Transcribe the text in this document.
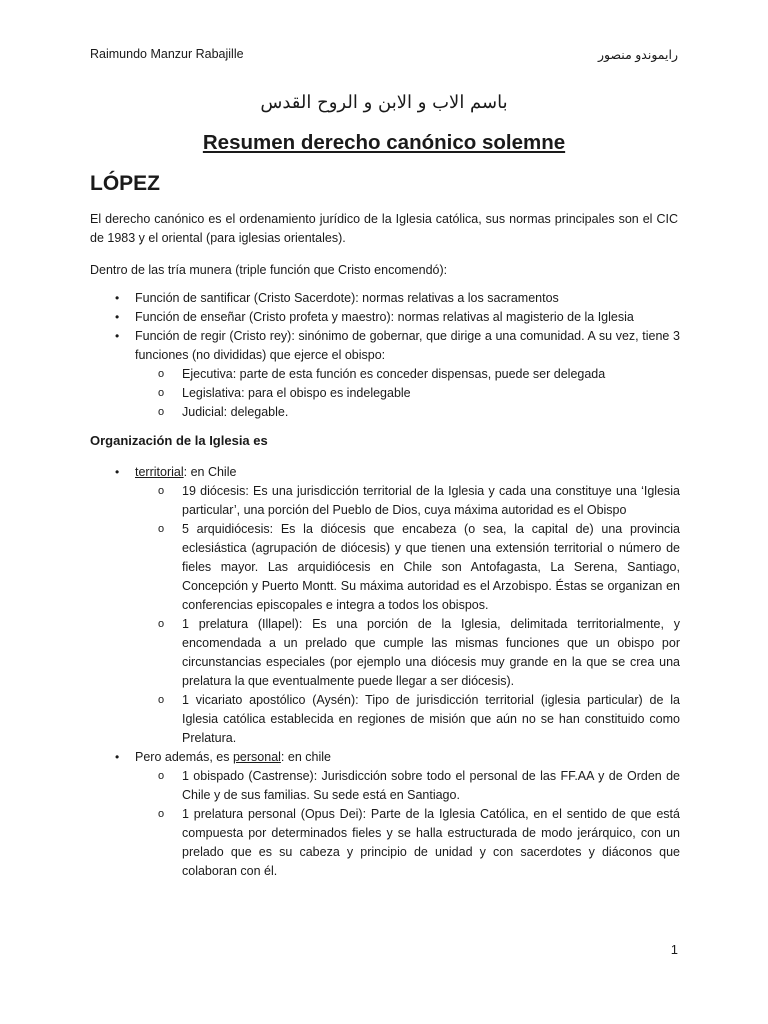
Raimundo Manzur Rabajille	رايموندو منصور
باسم الاب و الابن و الروح القدس
Resumen derecho canónico solemne
LÓPEZ
El derecho canónico es el ordenamiento jurídico de la Iglesia católica, sus normas principales son el CIC de 1983 y el oriental (para iglesias orientales).
Dentro de las tría munera (triple función que Cristo encomendó):
• Función de santificar (Cristo Sacerdote): normas relativas a los sacramentos
• Función de enseñar (Cristo profeta y maestro): normas relativas al magisterio de la Iglesia
• Función de regir (Cristo rey): sinónimo de gobernar, que dirige a una comunidad. A su vez, tiene 3 funciones (no divididas) que ejerce el obispo:
o Ejecutiva: parte de esta función es conceder dispensas, puede ser delegada
o Legislativa: para el obispo es indelegable
o Judicial: delegable.
Organización de la Iglesia es
• territorial: en Chile
o 19 diócesis: Es una jurisdicción territorial de la Iglesia y cada una constituye una ‘Iglesia particular’, una porción del Pueblo de Dios, cuya máxima autoridad es el Obispo
o 5 arquidiócesis: Es la diócesis que encabeza (o sea, la capital de) una provincia eclesiástica (agrupación de diócesis) y que tienen una extensión territorial o número de fieles mayor. Las arquidiócesis en Chile son Antofagasta, La Serena, Santiago, Concepción y Puerto Montt. Su máxima autoridad es el Arzobispo. Éstas se organizan en conferencias episcopales e integra a todos los obispos.
o 1 prelatura (Illapel): Es una porción de la Iglesia, delimitada territorialmente, y encomendada a un prelado que cumple las mismas funciones que un obispo por circunstancias especiales (por ejemplo una diócesis muy grande en la que se crea una prelatura la que eventualmente puede llegar a ser diócesis).
o 1 vicariato apostólico (Aysén): Tipo de jurisdicción territorial (iglesia particular) de la Iglesia católica establecida en regiones de misión que aún no se han constituido como Prelatura.
• Pero además, es personal: en chile
o 1 obispado (Castrense): Jurisdicción sobre todo el personal de las FF.AA y de Orden de Chile y de sus familias. Su sede está en Santiago.
o 1 prelatura personal (Opus Dei): Parte de la Iglesia Católica, en el sentido de que está compuesta por determinados fieles y se halla estructurada de modo jerárquico, con un prelado que es su cabeza y principio de unidad y con sacerdotes y diáconos que colaboran con él.
1
